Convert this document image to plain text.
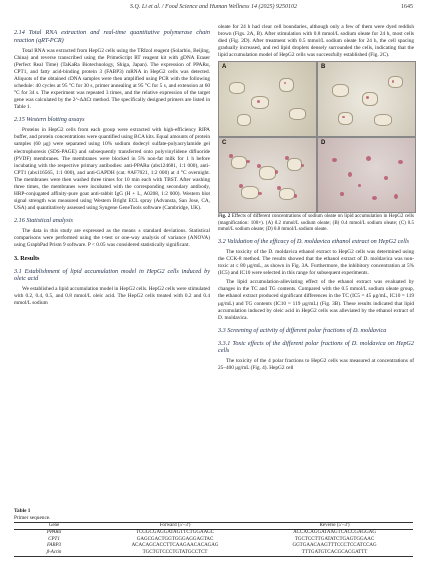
S.Q. Li et al. / Food Science and Human Wellness 14 (2025) 9250102	1645
2.14 Total RNA extraction and real-time quantitative polymerase chain reaction (qRT-PCR)

Total RNA was extracted from HepG2 cells using the TRIzol reagent (Solarbio, Beijing, China) and reverse transcribed using the PrimeScript RT reagent kit with gDNA Eraser (Perfect Real Time) (TaKaRa Biotechnology, Shiga, Japan). The expression of PPARα, CPT1, and fatty acid-binding protein 3 (FABP3) mRNA in HepG2 cells was detected. Aliquots of the obtained cDNA samples were then amplified using PCR with the following schedule: 40 cycles at 95 °C for 30 s, primer annealing at 95 °C for 5 s, and extension at 60 °C for 34 s. The experiment was repeated 3 times, and the relative expression of the target gene was calculated by the 2^-ΔΔCt method. The specifically designed primers are listed in Table 1.

2.15 Western blotting assays

Proteins in HepG2 cells from each group were extracted with high-efficiency RIPA buffer, and protein concentrations were quantified using BCA kits. Equal amounts of protein samples (60 μg) were separated using 10% sodium dodecyl sulfate-polyacrylamide gel electrophoresis (SDS-PAGE) and subsequently transferred onto polyvinylidene difluoride (PVDF) membranes. The membranes were blocked in 5% non-fat milk for 1 h before incubating with the respective primary antibodies: anti-PPARα (abs124681, 1:1 000), anti-CPT1 (abs116565, 1:1 000), and anti-GAPDH (cat. #AF7021, 1:2 000) at 4 °C overnight. The membranes were then washed three times for 10 min each with TBST. After washing three times, the membranes were incubated with the corresponding secondary antibody, HRP-conjugated affinity-pure goat anti-rabbit IgG (H + L, A0208, 1:2 000). Western blot signal strength was measured using Western Bright ECL spray (Advansta, San Jose, CA, USA) and quantitatively assessed using Syngene GeneTools software (Cambridge, UK).

2.16 Statistical analysis

The data in this study are expressed as the means ± standard deviations. Statistical comparisons were performed using the t-test or one-way analysis of variance (ANOVA) using GraphPad Prism 9 software. P < 0.05 was considered statistically significant.

3. Results
3.1 Establishment of lipid accumulation model in HepG2 cells induced by oleic acid

We established a lipid accumulation model in HepG2 cells. HepG2 cells were stimulated with 0.2, 0.4, 0.5, and 0.8 mmol/L oleic acid. The HepG2 cells treated with 0.2 and 0.4 mmol/L sodium

oleate for 24 h had clear cell boundaries, although only a few of them were dyed reddish brown (Figs. 2A, B). After stimulation with 0.8 mmol/L sodium oleate for 24 h, most cells died (Fig. 2D). After treatment with 0.5 mmol/L sodium oleate for 24 h, the cell spacing gradually increased, and red lipid droplets densely surrounded the cells, indicating that the lipid accumulation model of HepG2 cells was successfully established (Fig. 2C).

A	B
C	D
Fig. 2 Effects of different concentrations of sodium oleate on lipid accumulation in HepG2 cells (magnification: 100×). (A) 0.2 mmol/L sodium oleate; (B) 0.4 mmol/L sodium oleate; (C) 0.5 mmol/L sodium oleate; (D) 0.8 mmol/L sodium oleate.
3.2 Validation of the efficacy of D. moldavica ethanol extract on HepG2 cells

The toxicity of the D. moldavica ethanol extract to HepG2 cells was determined using the CCK-8 method. The results showed that the ethanol extract of D. moldavica was non-toxic at ≤ 80 μg/mL, as shown in Fig. 3A. Furthermore, the inhibitory concentration at 5% (IC5) and IC10 were selected in this range for subsequent experiments.

The lipid accumulation-alleviating effect of the ethanol extract was evaluated by changes in the TC and TG contents. Compared with the 0.5 mmol/L sodium oleate group, the ethanol extract produced significant differences in the TC (IC5 = 45 μg/mL, IC10 = 119 μg/mL) and TG contents (IC10 = 119 μg/mL) (Fig. 3B). These results indicated that lipid accumulation induced by oleic acid in HepG2 cells was alleviated by the ethanol extract of D. moldavica.

3.3 Screening of activity of different polar fractions of D. moldavica
3.3.1 Toxic effects of the different polar fractions of D. moldavica on HepG2 cells

The toxicity of the 4 polar fractions to HepG2 cells was measured at concentrations of 25–400 μg/mL (Fig. 4). HepG2 cell

Table 1
Primer sequence.
Gene	Forward (5'–3')	Reverse (5'–3')
PPARα	TCGGCGAGGATAGTTCTGGAAGC	ACCACAGGATAAGTCACCGAGGAG
CPT1	GAGCGACTGGTGGGAGGAGTAC	TGCTCCTTGATATCTGAGTGGAAC
FABP3	ACACAGCACCTTCAAGAACACAGAG	GGTGAACAAGTTTCCCTCCATCCAG
β-Actin	TGCTGTCCCTGTATGCCTCT	TTTGATGTCACGCACGATTT
